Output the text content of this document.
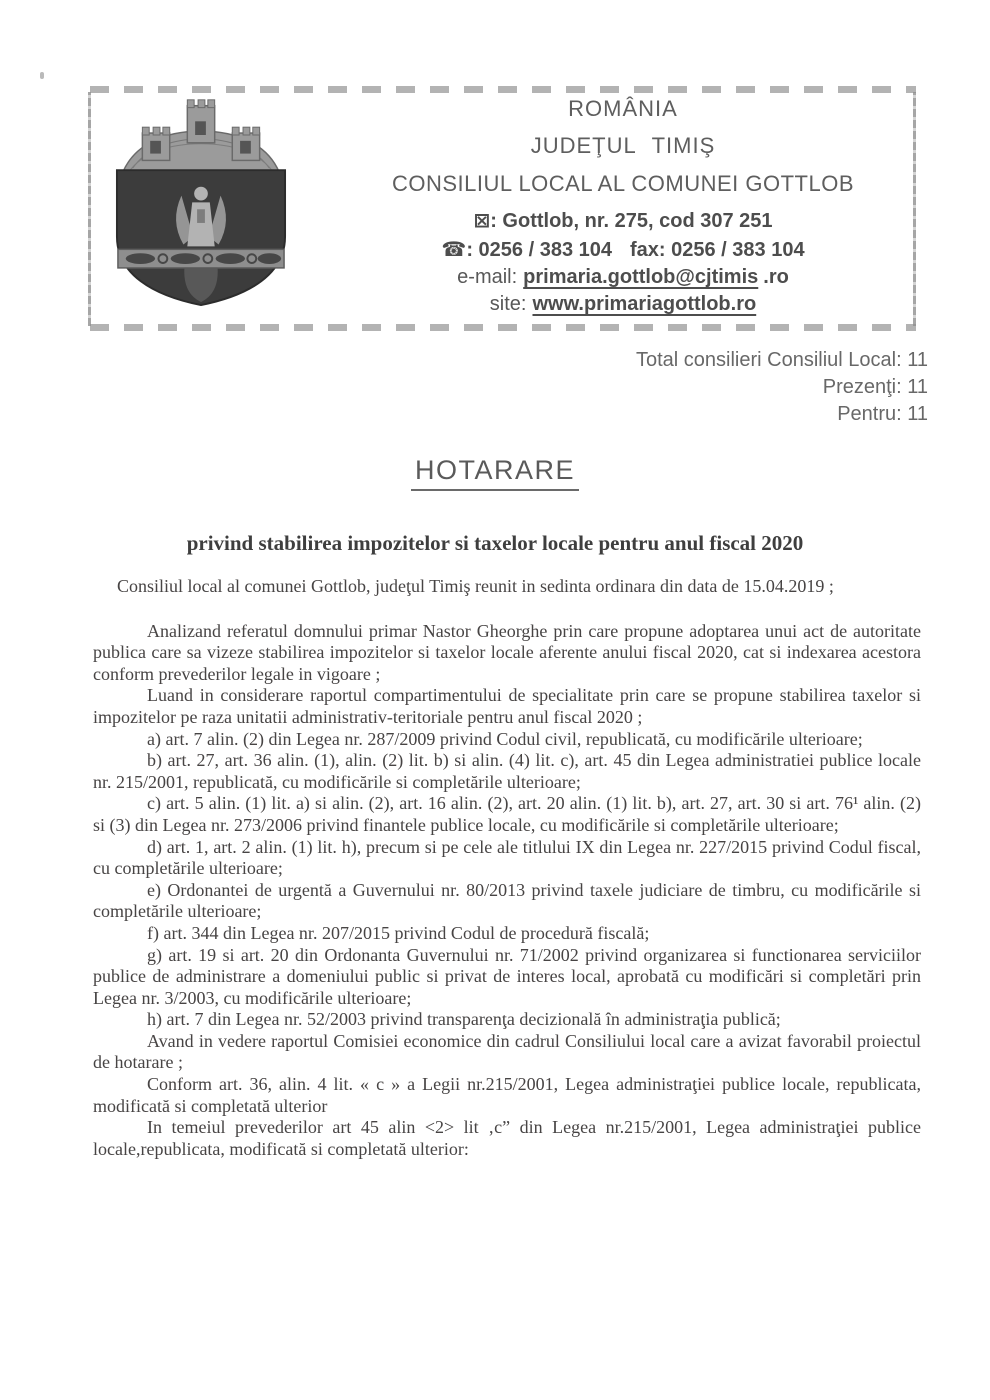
ROMÂNIA
JUDEŢUL TIMIŞ
CONSILIUL LOCAL AL COMUNEI GOTTLOB
⊠: Gottlob, nr. 275, cod 307 251
☎: 0256 / 383 104 fax: 0256 / 383 104
e-mail: primaria.gottlob@cjtimis .ro
site: www.primariagottlob.ro
Total consilieri Consiliul Local: 11
Prezenţi: 11
Pentru: 11
HOTARARE
privind stabilirea impozitelor si taxelor locale pentru anul fiscal 2020

Consiliul local al comunei Gottlob, judeţul Timiş reunit in sedinta ordinara din data de 15.04.2019 ;

Analizand referatul domnului primar Nastor Gheorghe prin care propune adoptarea unui act de autoritate publica care sa vizeze stabilirea impozitelor si taxelor locale aferente anului fiscal 2020, cat si indexarea acestora conform prevederilor legale in vigoare ;

Luand in considerare raportul compartimentului de specialitate prin care se propune stabilirea taxelor si impozitelor pe raza unitatii administrativ-teritoriale pentru anul fiscal 2020 ;

a) art. 7 alin. (2) din Legea nr. 287/2009 privind Codul civil, republicată, cu modificările ulterioare;

b) art. 27, art. 36 alin. (1), alin. (2) lit. b) si alin. (4) lit. c), art. 45 din Legea administratiei publice locale nr. 215/2001, republicată, cu modificările si completările ulterioare;

c) art. 5 alin. (1) lit. a) si alin. (2), art. 16 alin. (2), art. 20 alin. (1) lit. b), art. 27, art. 30 si art. 76¹ alin. (2) si (3) din Legea nr. 273/2006 privind finantele publice locale, cu modificările si completările ulterioare;

d) art. 1, art. 2 alin. (1) lit. h), precum si pe cele ale titlului IX din Legea nr. 227/2015 privind Codul fiscal, cu completările ulterioare;

e) Ordonantei de urgentă a Guvernului nr. 80/2013 privind taxele judiciare de timbru, cu modificările si completările ulterioare;

f) art. 344 din Legea nr. 207/2015 privind Codul de procedură fiscală;

g) art. 19 si art. 20 din Ordonanta Guvernului nr. 71/2002 privind organizarea si functionarea serviciilor publice de administrare a domeniului public si privat de interes local, aprobată cu modificări si completări prin Legea nr. 3/2003, cu modificările ulterioare;

h) art. 7 din Legea nr. 52/2003 privind transparenţa decizională în administraţia publică;

Avand in vedere raportul Comisiei economice din cadrul Consiliului local care a avizat favorabil proiectul de hotarare ;

Conform art. 36, alin. 4 lit. « c » a Legii nr.215/2001, Legea administraţiei publice locale, republicata, modificată si completată ulterior

In temeiul prevederilor art 45 alin <2> lit ‚c” din Legea nr.215/2001, Legea administraţiei publice locale,republicata, modificată si completată ulterior:
